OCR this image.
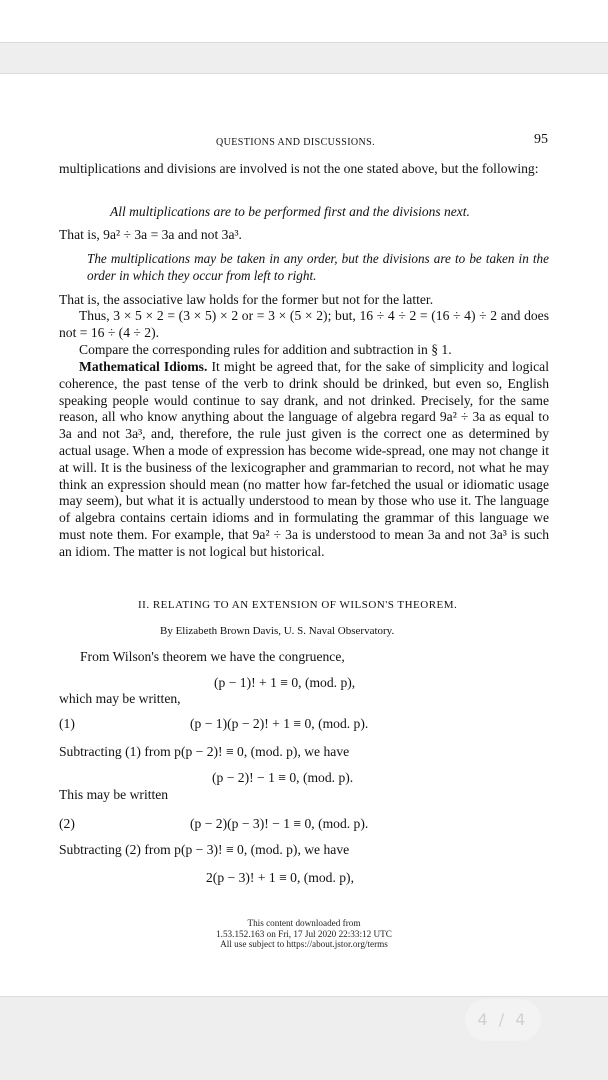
QUESTIONS AND DISCUSSIONS.	95
multiplications and divisions are involved is not the one stated above, but the following:
All multiplications are to be performed first and the divisions next.
That is, 9a² ÷ 3a = 3a and not 3a³.
The multiplications may be taken in any order, but the divisions are to be taken in the order in which they occur from left to right.
That is, the associative law holds for the former but not for the latter.
Thus, 3 × 5 × 2 = (3 × 5) × 2 or = 3 × (5 × 2); but, 16 ÷ 4 ÷ 2 = (16 ÷ 4) ÷ 2 and does not = 16 ÷ (4 ÷ 2).
Compare the corresponding rules for addition and subtraction in § 1.
Mathematical Idioms. It might be agreed that, for the sake of simplicity and logical coherence, the past tense of the verb to drink should be drinked, but even so, English speaking people would continue to say drank, and not drinked. Precisely, for the same reason, all who know anything about the language of algebra regard 9a² ÷ 3a as equal to 3a and not 3a³, and, therefore, the rule just given is the correct one as determined by actual usage. When a mode of expression has become wide-spread, one may not change it at will. It is the business of the lexicographer and grammarian to record, not what he may think an expression should mean (no matter how far-fetched the usual or idiomatic usage may seem), but what it is actually understood to mean by those who use it. The language of algebra contains certain idioms and in formulating the grammar of this language we must note them. For example, that 9a² ÷ 3a is understood to mean 3a and not 3a³ is such an idiom. The matter is not logical but historical.
II. RELATING TO AN EXTENSION OF WILSON'S THEOREM.
By Elizabeth Brown Davis, U. S. Naval Observatory.
From Wilson's theorem we have the congruence,
(p − 1)! + 1 ≡ 0, (mod. p),
which may be written,
(1)	(p − 1)(p − 2)! + 1 ≡ 0, (mod. p).
Subtracting (1) from p(p − 2)! ≡ 0, (mod. p), we have
(p − 2)! − 1 ≡ 0, (mod. p).
This may be written
(2)	(p − 2)(p − 3)! − 1 ≡ 0, (mod. p).
Subtracting (2) from p(p − 3)! ≡ 0, (mod. p), we have
2(p − 3)! + 1 ≡ 0, (mod. p),
This content downloaded from
1.53.152.163 on Fri, 17 Jul 2020 22:33:12 UTC
All use subject to https://about.jstor.org/terms
4 / 4
